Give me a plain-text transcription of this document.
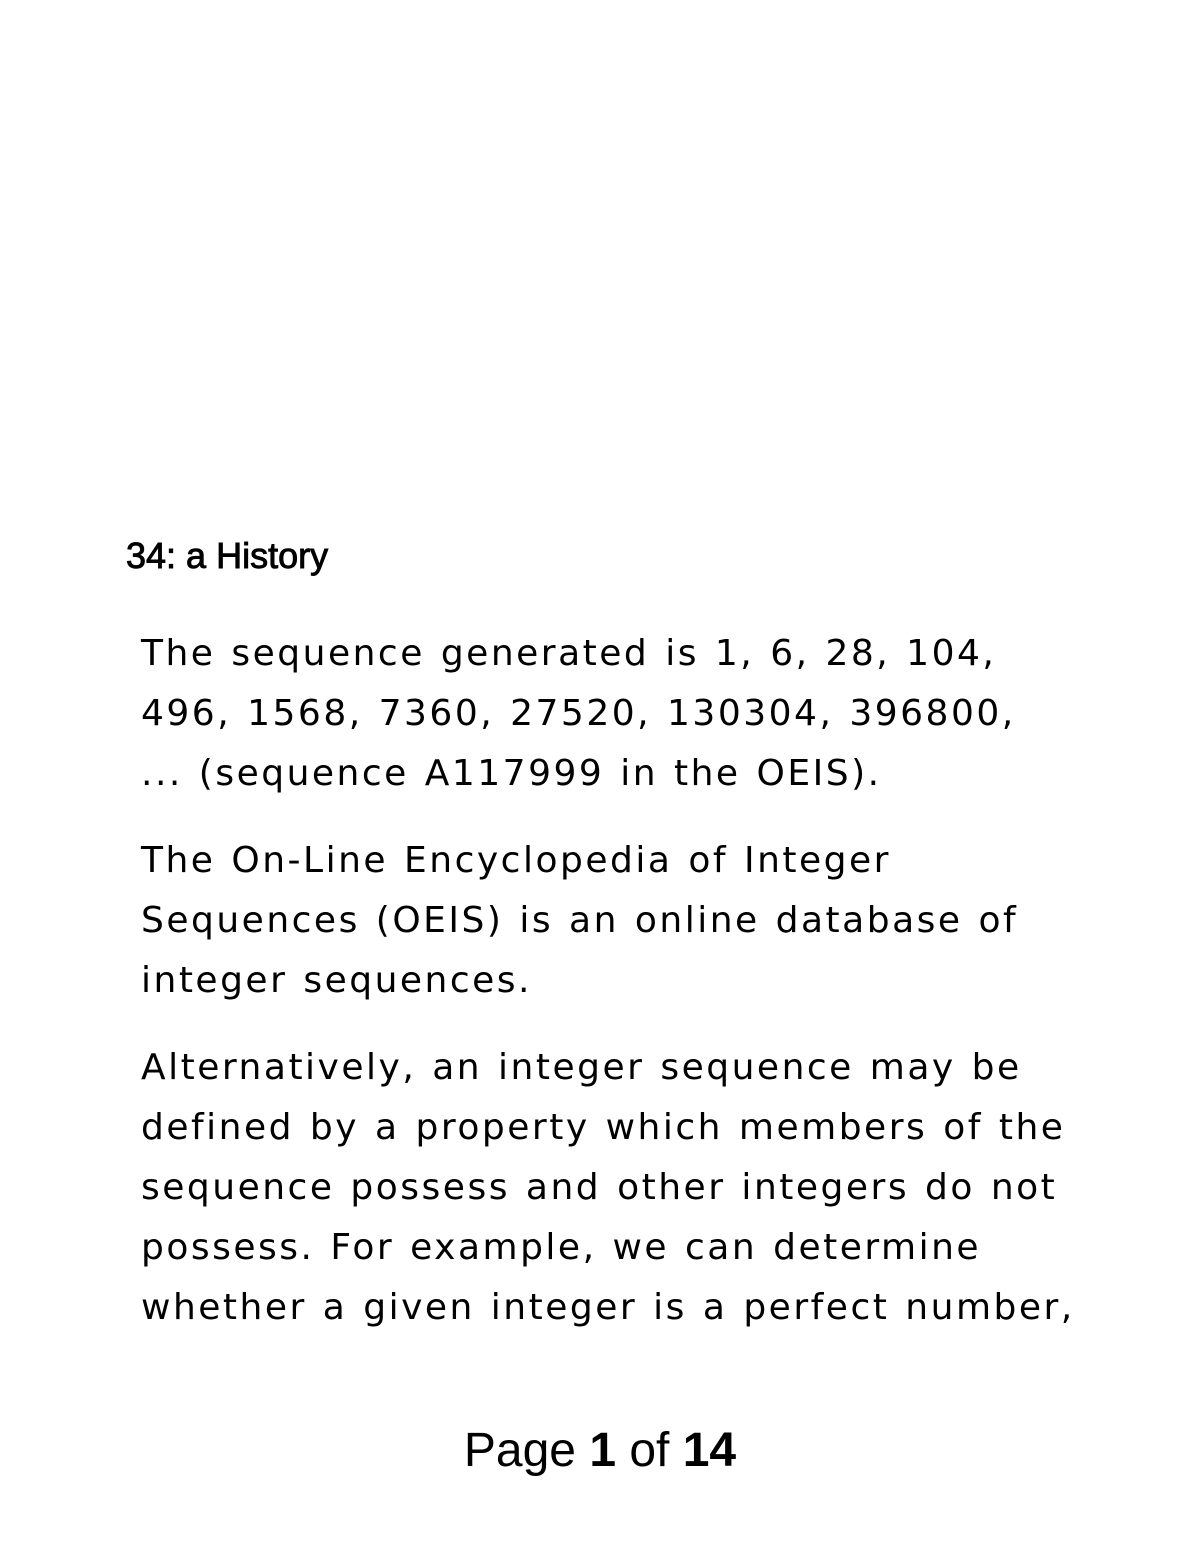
34: a History

The sequence generated is 1, 6, 28, 104,
496, 1568, 7360, 27520, 130304, 396800,
... (sequence A117999 in the OEIS).

The On-Line Encyclopedia of Integer
Sequences (OEIS) is an online database of
integer sequences.

Alternatively, an integer sequence may be
defined by a property which members of the
sequence possess and other integers do not
possess. For example, we can determine
whether a given integer is a perfect number,

Page 1 of 14
